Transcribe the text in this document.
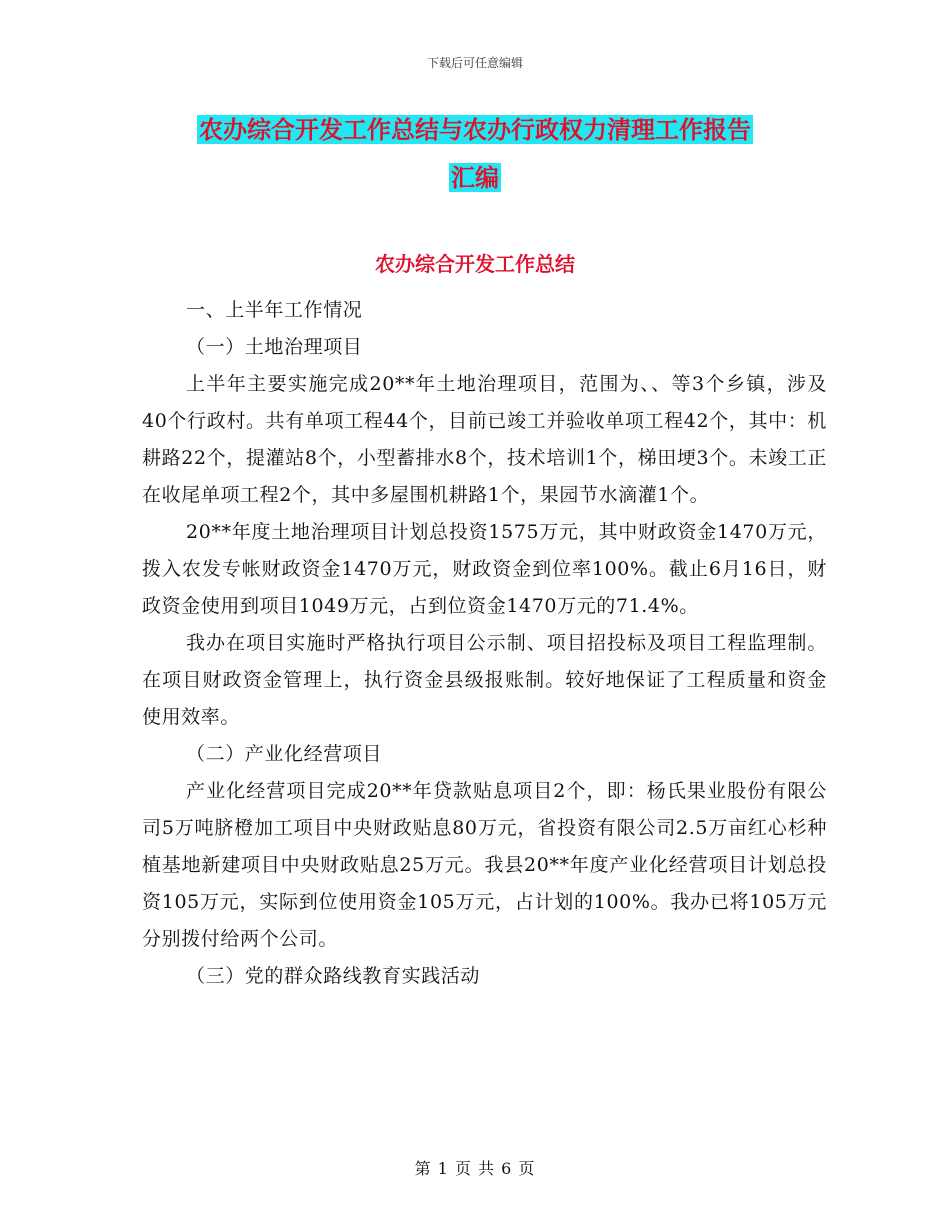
下载后可任意编辑
农办综合开发工作总结与农办行政权力清理工作报告
汇编
农办综合开发工作总结
一、上半年工作情况
（一）土地治理项目
上半年主要实施完成20**年土地治理项目，范围为、、等3个乡镇，涉及40个行政村。共有单项工程44个，目前已竣工并验收单项工程42个，其中：机耕路22个，提灌站8个，小型蓄排水8个，技术培训1个，梯田埂3个。未竣工正在收尾单项工程2个，其中多屋围机耕路1个，果园节水滴灌1个。
20**年度土地治理项目计划总投资1575万元，其中财政资金1470万元，拨入农发专帐财政资金1470万元，财政资金到位率100%。截止6月16日，财政资金使用到项目1049万元，占到位资金1470万元的71.4%。
我办在项目实施时严格执行项目公示制、项目招投标及项目工程监理制。在项目财政资金管理上，执行资金县级报账制。较好地保证了工程质量和资金使用效率。
（二）产业化经营项目
产业化经营项目完成20**年贷款贴息项目2个，即：杨氏果业股份有限公司5万吨脐橙加工项目中央财政贴息80万元，省投资有限公司2.5万亩红心杉种植基地新建项目中央财政贴息25万元。我县20**年度产业化经营项目计划总投资105万元，实际到位使用资金105万元，占计划的100%。我办已将105万元分别拨付给两个公司。
（三）党的群众路线教育实践活动
第 1 页 共 6 页
